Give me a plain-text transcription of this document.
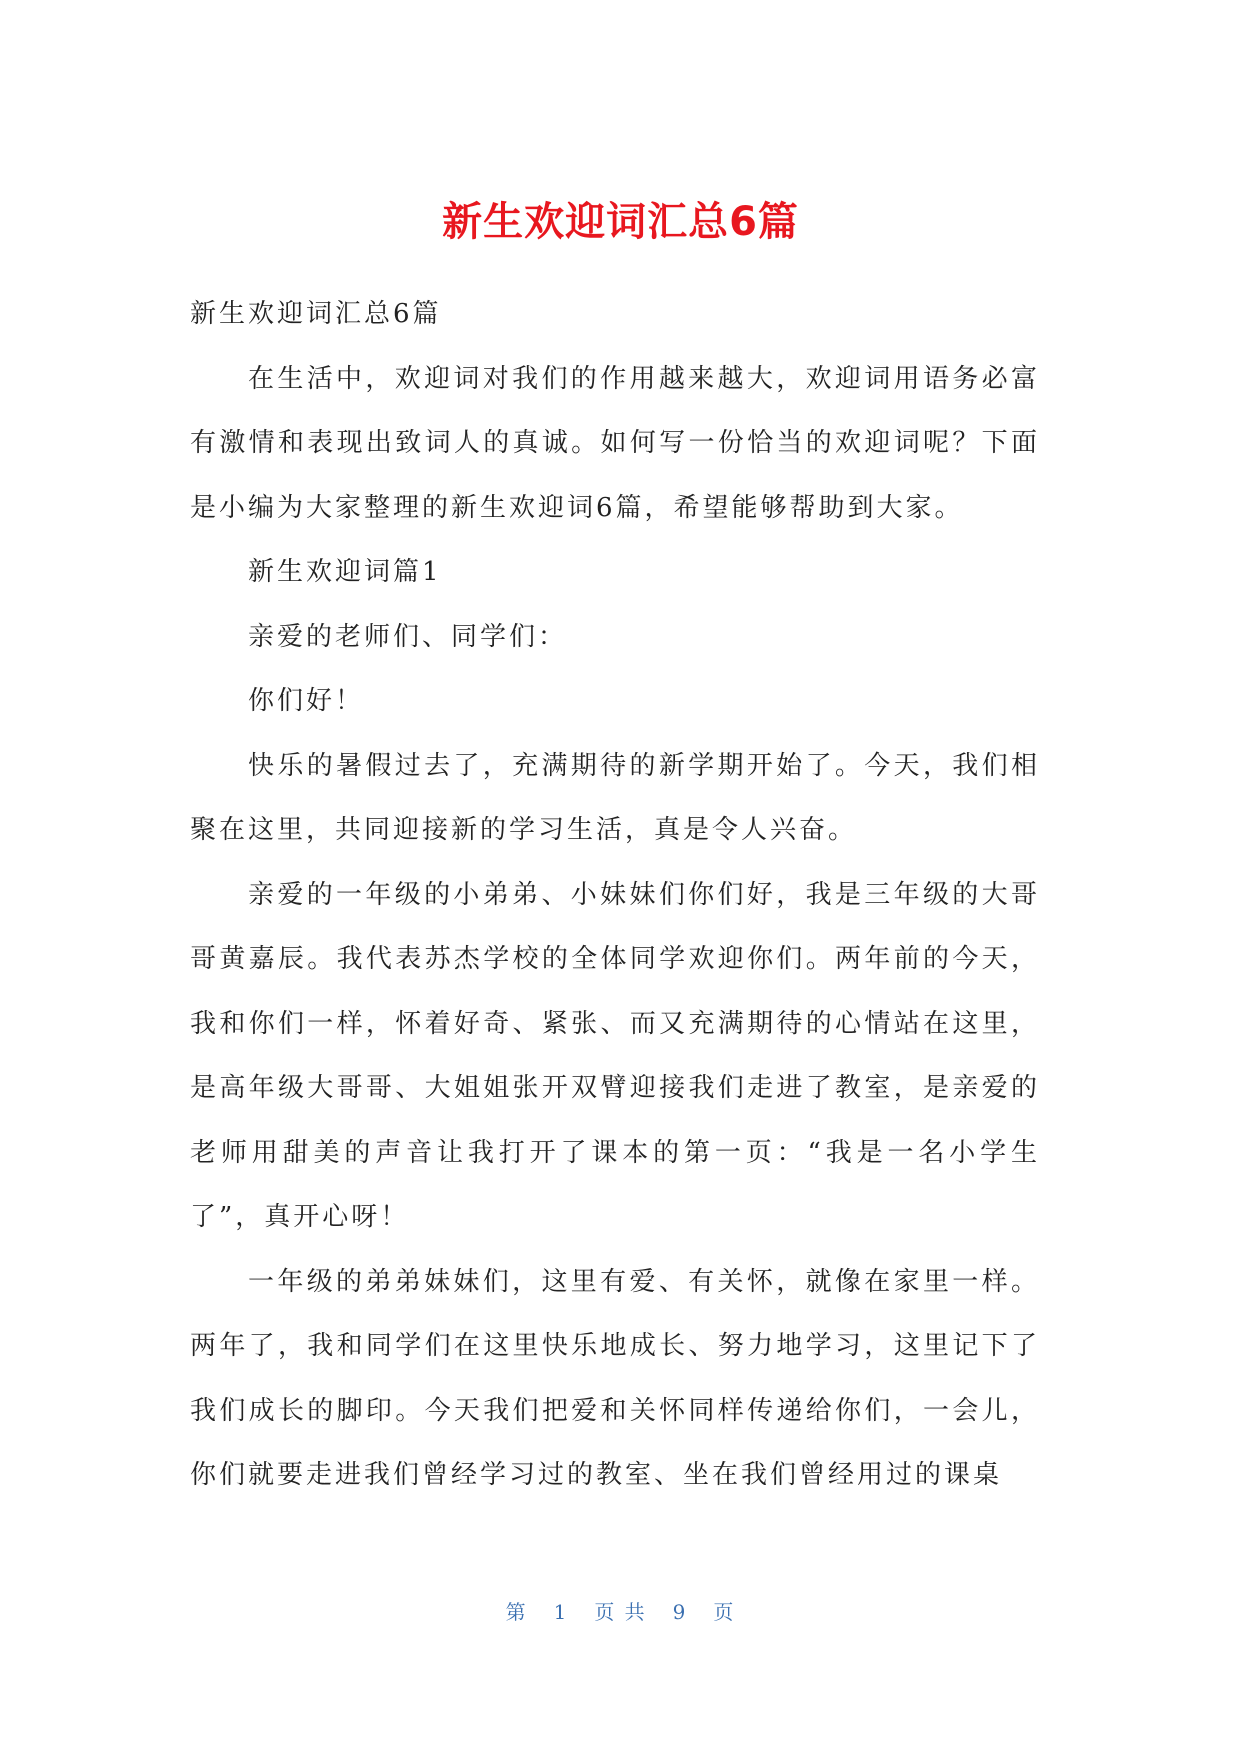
新生欢迎词汇总6篇

新生欢迎词汇总6篇

在生活中，欢迎词对我们的作用越来越大，欢迎词用语务必富有激情和表现出致词人的真诚。如何写一份恰当的欢迎词呢？下面是小编为大家整理的新生欢迎词6篇，希望能够帮助到大家。

新生欢迎词篇1

亲爱的老师们、同学们：

你们好！

快乐的暑假过去了，充满期待的新学期开始了。今天，我们相聚在这里，共同迎接新的学习生活，真是令人兴奋。

亲爱的一年级的小弟弟、小妹妹们你们好，我是三年级的大哥哥黄嘉辰。我代表苏杰学校的全体同学欢迎你们。两年前的今天，我和你们一样，怀着好奇、紧张、而又充满期待的心情站在这里，是高年级大哥哥、大姐姐张开双臂迎接我们走进了教室，是亲爱的老师用甜美的声音让我打开了课本的第一页：“我是一名小学生了”，真开心呀！

一年级的弟弟妹妹们，这里有爱、有关怀，就像在家里一样。两年了，我和同学们在这里快乐地成长、努力地学习，这里记下了我们成长的脚印。今天我们把爱和关怀同样传递给你们，一会儿，你们就要走进我们曾经学习过的教室、坐在我们曾经用过的课桌

第 1 页 共 9 页
